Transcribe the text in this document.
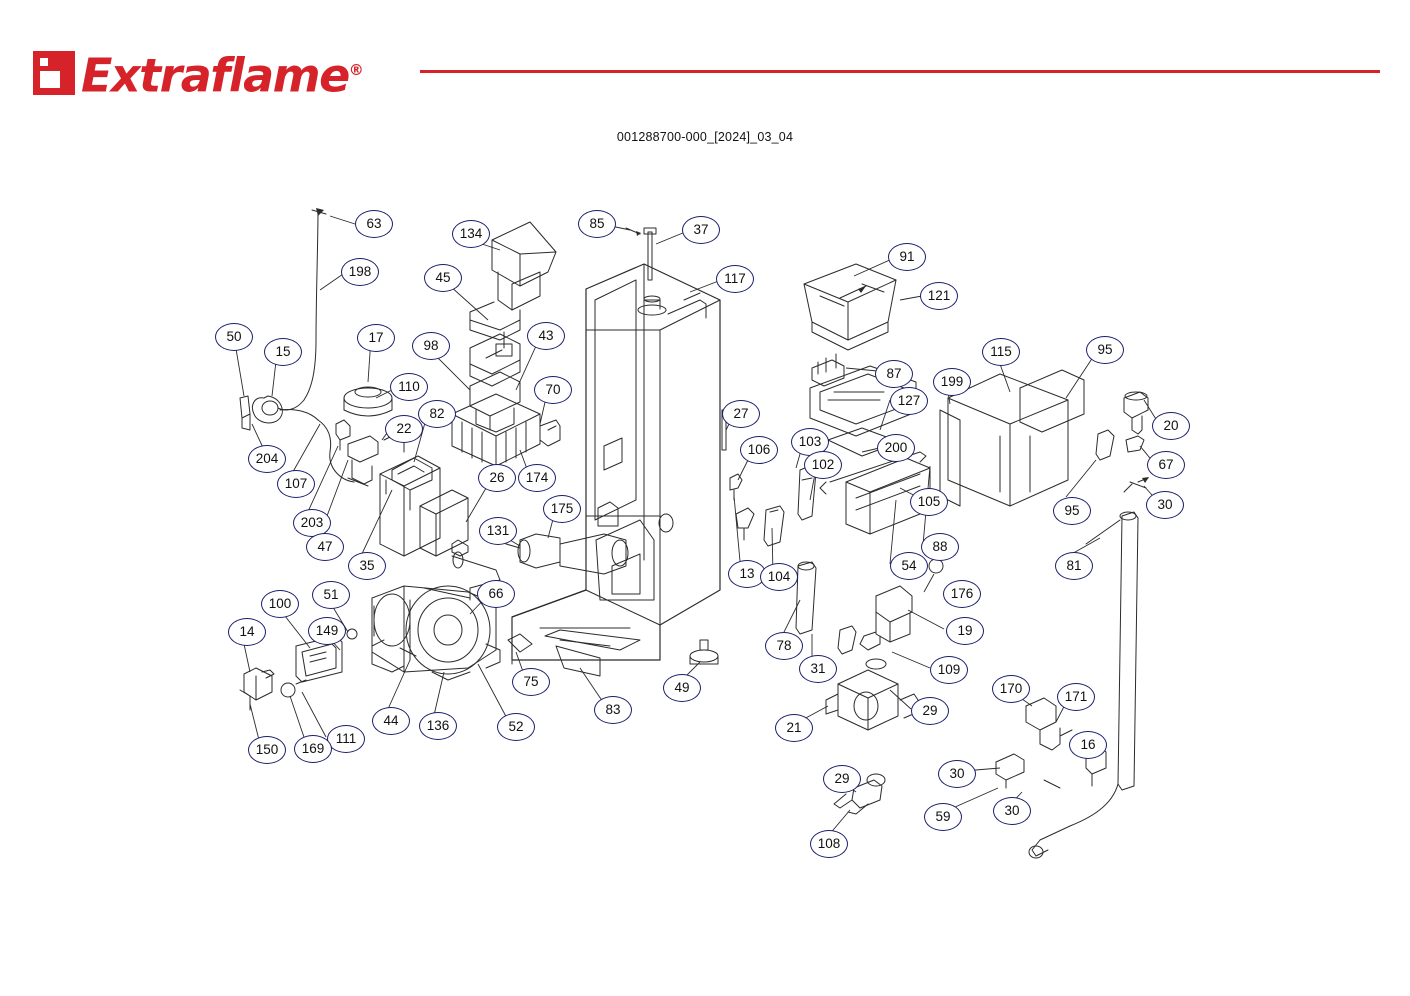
Extraflame®
001288700-000_[2024]_03_04
63
134
85	37
91
198	45	117
121
50
15
17
98
43
115	95
110	70
87
199
82
127
27
20
22
103	200
204
106
102	67
107	26	174
105
95	30
203
175
131
47
35
88
54
13 104
81
66	176
100
51
14	149	19
78
31	109
75	49	170
171
83	29
44	136	52
111
21
16
169
150
30
29
59	30
108
